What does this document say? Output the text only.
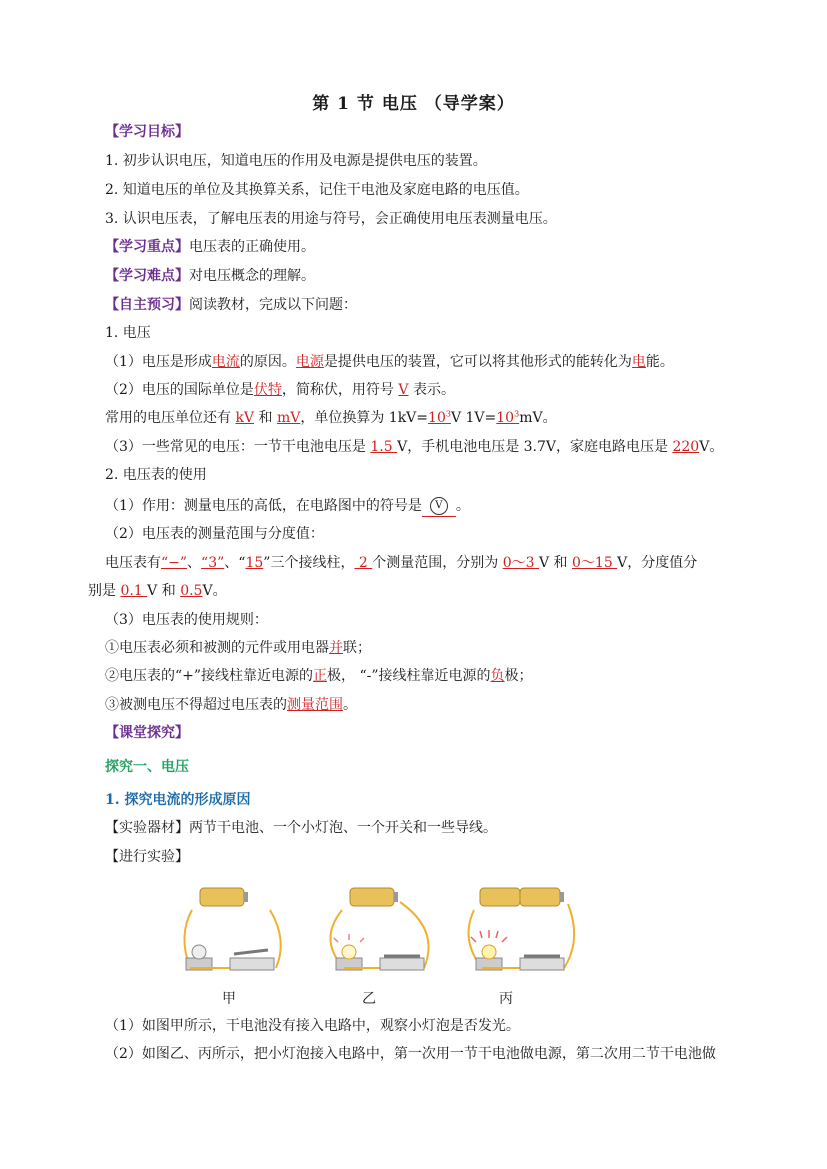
第 1 节 电压 （导学案）
【学习目标】
1. 初步认识电压，知道电压的作用及电源是提供电压的装置。
2. 知道电压的单位及其换算关系，记住干电池及家庭电路的电压值。
3. 认识电压表，了解电压表的用途与符号，会正确使用电压表测量电压。
【学习重点】电压表的正确使用。
【学习难点】对电压概念的理解。
【自主预习】阅读教材，完成以下问题：
1. 电压
（1）电压是形成电流的原因。电源是提供电压的装置，它可以将其他形式的能转化为电能。
（2）电压的国际单位是伏特，简称伏，用符号 V 表示。
常用的电压单位还有 kV 和 mV，单位换算为 $1kV=10^3V$ $1V=10^3mV$。
（3）一些常见的电压：一节干电池电压是 1.5 V，手机电池电压是 3.7V，家庭电路电压是 220V。
2. 电压表的使用
（1）作用：测量电压的高低，在电路图中的符号是 V 。
（2）电压表的测量范围与分度值：
电压表有“−”、“3”、“15”三个接线柱， 2 个测量范围，分别为 0～3 V 和 0～15 V，分度值分
别是 0.1 V 和 0.5V。
（3）电压表的使用规则：
①电压表必须和被测的元件或用电器并联；
②电压表的“+”接线柱靠近电源的正极， “-”接线柱靠近电源的负极；
③被测电压不得超过电压表的测量范围。
【课堂探究】
探究一、电压
1. 探究电流的形成原因
【实验器材】两节干电池、一个小灯泡、一个开关和一些导线。
【进行实验】
甲	乙	丙
（1）如图甲所示，干电池没有接入电路中，观察小灯泡是否发光。
（2）如图乙、丙所示，把小灯泡接入电路中，第一次用一节干电池做电源，第二次用二节干电池做
